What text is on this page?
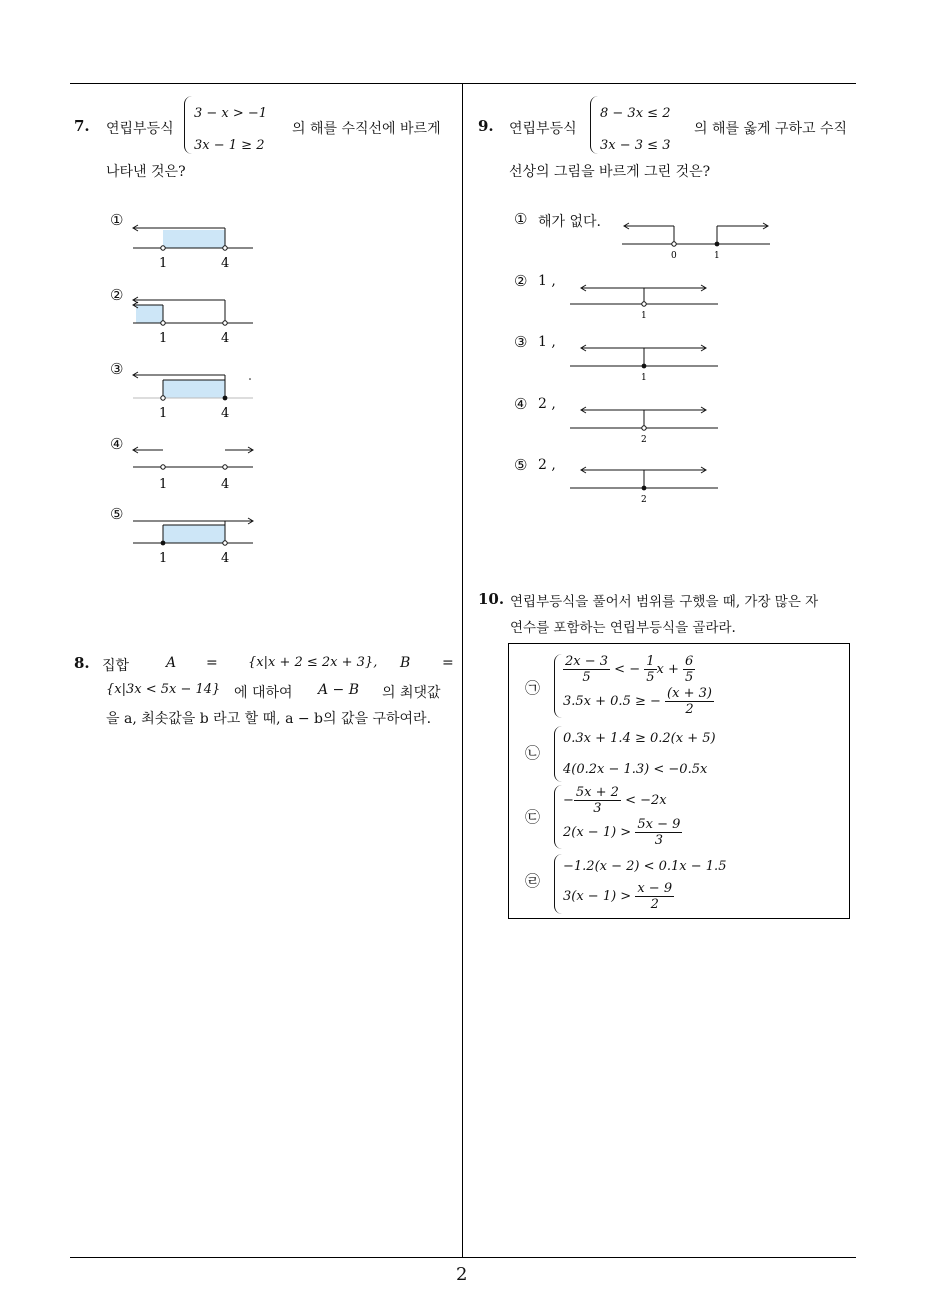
2
7. 연립부등식
3 − x > −1
3x − 1 ≥ 2
의 해를 수직선에 바르게
나타낸 것은?
①
1	4
②
1	4
③
1	4
④
1	4
⑤
1	4
8. 집합	A = {x|x + 2 ≤ 2x + 3}, B =
{x|3x < 5x − 14} 에 대하여 A − B 의 최댓값
을 a, 최솟값을 b 라고 할 때, a − b의 값을 구하여라.
9. 연립부등식
8 − 3x ≤ 2
3x − 3 ≤ 3
의 해를 옳게 구하고 수직
선상의 그림을 바르게 그린 것은?
① 해가 없다.
0	1
② 1 ,
1
③ 1 ,
1
④ 2 ,
2
⑤ 2 ,
2
10. 연립부등식을 풀어서 범위를 구했을 때, 가장 많은 자
연수를 포함하는 연립부등식을 골라라.
㉠
$\frac{2x - 3}{5}$ < − $\frac{1}{5}$ $x + \frac{6}{5}$
3.5x + 0.5 ≥ − $\frac{(x + 3)}{2}$
㉡
0.3x + 1.4 ≥ 0.2(x + 5)
4(0.2x − 1.3) < −0.5x
㉢
− $\frac{5x + 2}{3} < -2x$
$2(x - 1) > \frac{5x - 9}{3}$
㉣
−1.2(x − 2) < 0.1x − 1.5
$3(x - 1) > \frac{x - 9}{2}$
